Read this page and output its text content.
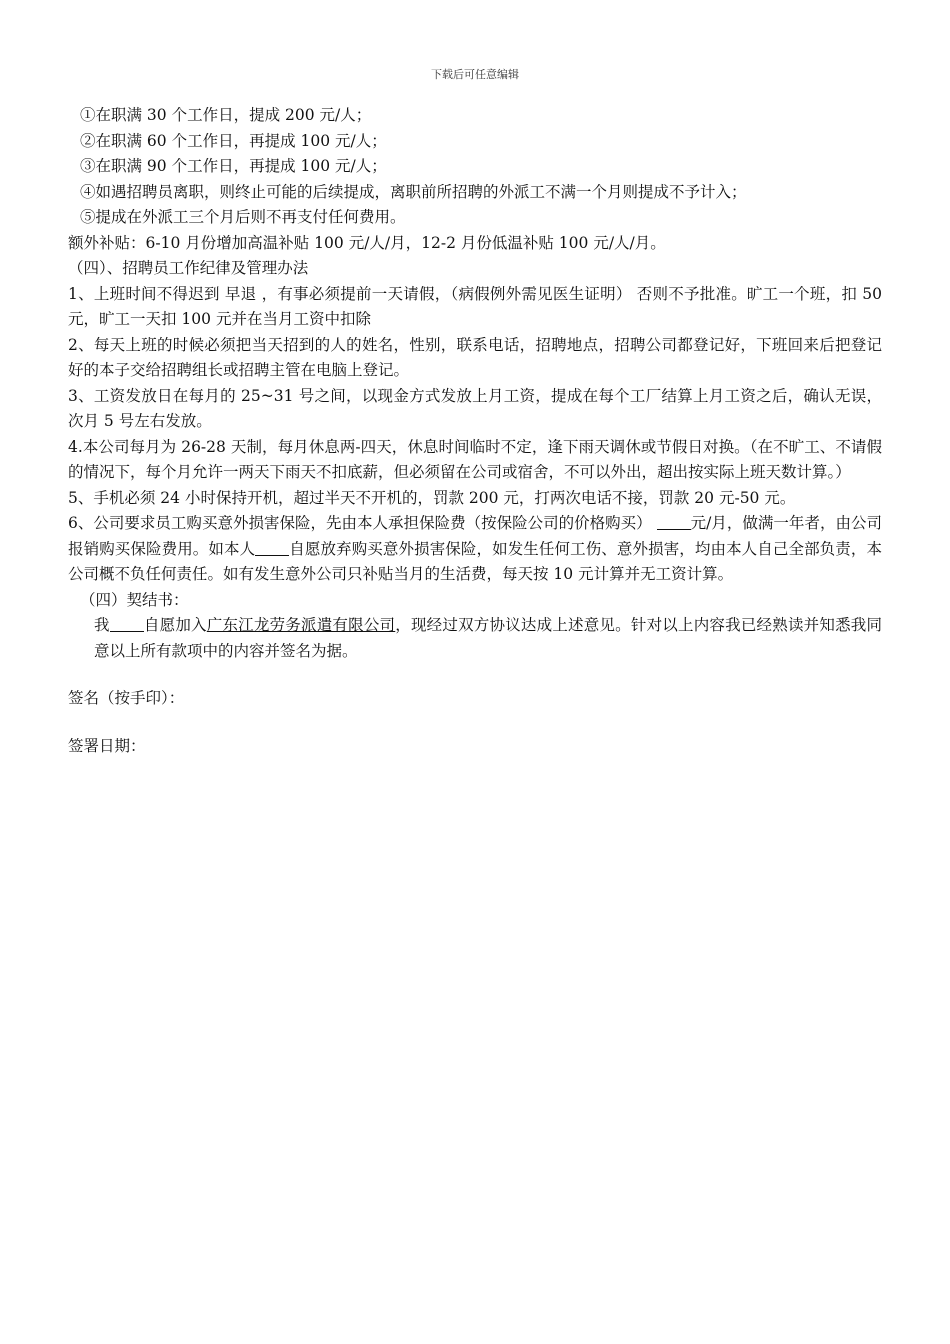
下载后可任意编辑

①在职满 30 个工作日，提成 200 元/人；

②在职满 60 个工作日，再提成 100 元/人；

③在职满 90 个工作日，再提成 100 元/人；

④如遇招聘员离职，则终止可能的后续提成，离职前所招聘的外派工不满一个月则提成不予计入；

⑤提成在外派工三个月后则不再支付任何费用。

额外补贴：6-10 月份增加高温补贴 100 元/人/月，12-2 月份低温补贴 100 元/人/月。

（四）、招聘员工作纪律及管理办法

1、上班时间不得迟到 早退 ，有事必须提前一天请假，（病假例外需见医生证明） 否则不予批准。旷工一个班，扣 50 元，旷工一天扣 100 元并在当月工资中扣除

2、每天上班的时候必须把当天招到的人的姓名，性别，联系电话，招聘地点，招聘公司都登记好，下班回来后把登记好的本子交给招聘组长或招聘主管在电脑上登记。

3、工资发放日在每月的 25~31 号之间，以现金方式发放上月工资，提成在每个工厂结算上月工资之后，确认无误，次月 5 号左右发放。

4.本公司每月为 26-28 天制，每月休息两-四天，休息时间临时不定，逢下雨天调休或节假日对换。（在不旷工、不请假的情况下，每个月允许一两天下雨天不扣底薪，但必须留在公司或宿舍，不可以外出，超出按实际上班天数计算。）

5、手机必须 24 小时保持开机，超过半天不开机的，罚款 200 元，打两次电话不接，罚款 20 元-50 元。

6、公司要求员工购买意外损害保险，先由本人承担保险费（按保险公司的价格购买）	元/月，做满一年者，由公司报销购买保险费用。如本人 自愿放弃购买意外损害保险，如发生任何工伤、意外损害，均由本人自己全部负责，本公司概不负任何责任。如有发生意外公司只补贴当月的生活费，每天按 10 元计算并无工资计算。

（四）契结书：

我 自愿加入广东江龙劳务派遣有限公司，现经过双方协议达成上述意见。针对以上内容我已经熟读并知悉我同意以上所有款项中的内容并签名为据。

签名（按手印）：

签署日期：
